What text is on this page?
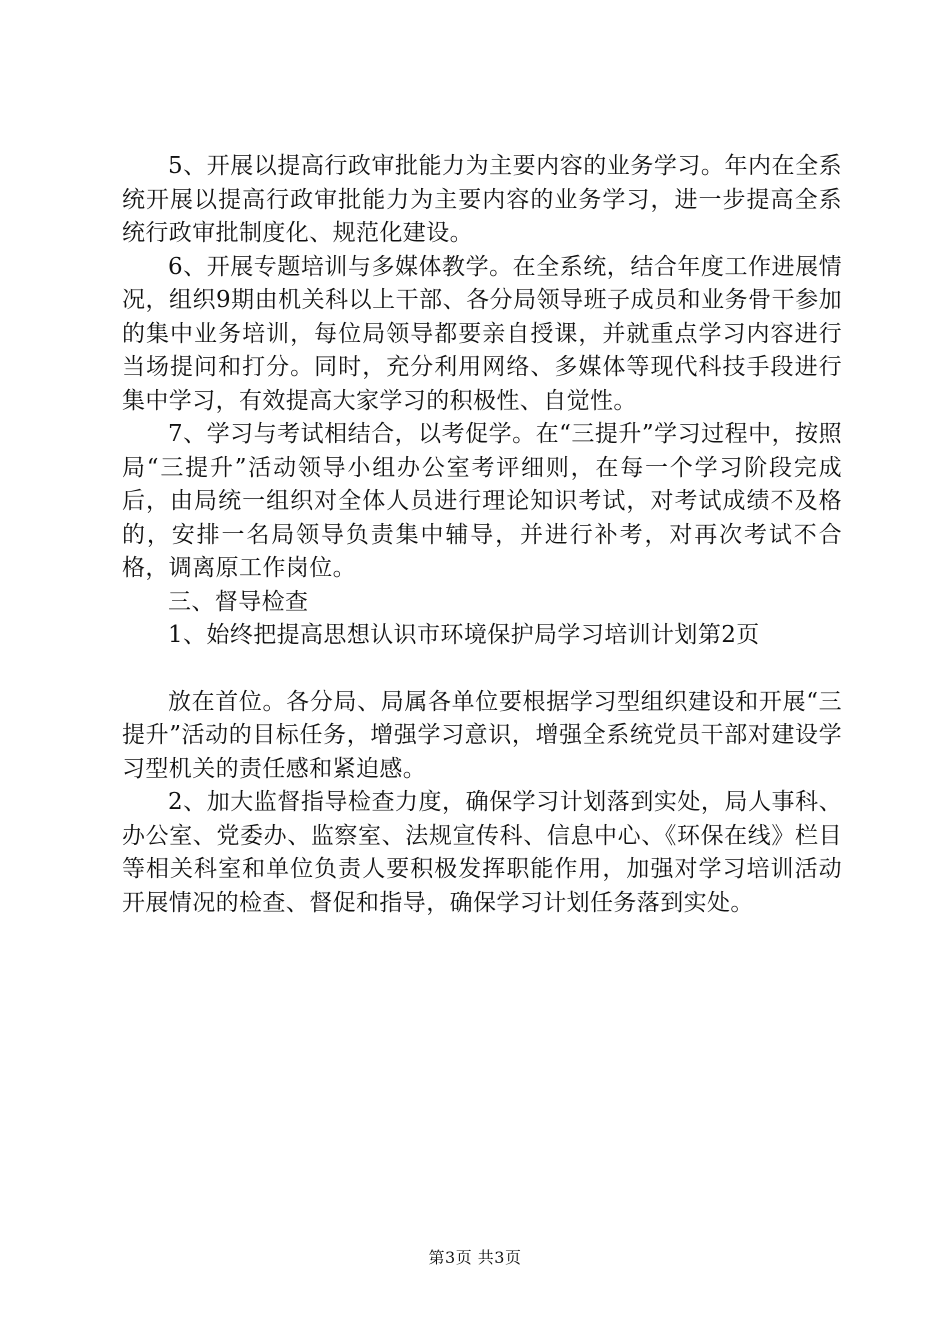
5、开展以提高行政审批能力为主要内容的业务学习。年内在全系统开展以提高行政审批能力为主要内容的业务学习，进一步提高全系统行政审批制度化、规范化建设。

6、开展专题培训与多媒体教学。在全系统，结合年度工作进展情况，组织9期由机关科以上干部、各分局领导班子成员和业务骨干参加的集中业务培训，每位局领导都要亲自授课，并就重点学习内容进行当场提问和打分。同时，充分利用网络、多媒体等现代科技手段进行集中学习，有效提高大家学习的积极性、自觉性。

7、学习与考试相结合，以考促学。在“三提升”学习过程中，按照局“三提升”活动领导小组办公室考评细则，在每一个学习阶段完成后，由局统一组织对全体人员进行理论知识考试，对考试成绩不及格的，安排一名局领导负责集中辅导，并进行补考，对再次考试不合格，调离原工作岗位。

三、督导检查

1、始终把提高思想认识市环境保护局学习培训计划第2页

放在首位。各分局、局属各单位要根据学习型组织建设和开展“三提升”活动的目标任务，增强学习意识，增强全系统党员干部对建设学习型机关的责任感和紧迫感。

2、加大监督指导检查力度，确保学习计划落到实处，局人事科、办公室、党委办、监察室、法规宣传科、信息中心、《环保在线》栏目等相关科室和单位负责人要积极发挥职能作用，加强对学习培训活动开展情况的检查、督促和指导，确保学习计划任务落到实处。

第3页 共3页
